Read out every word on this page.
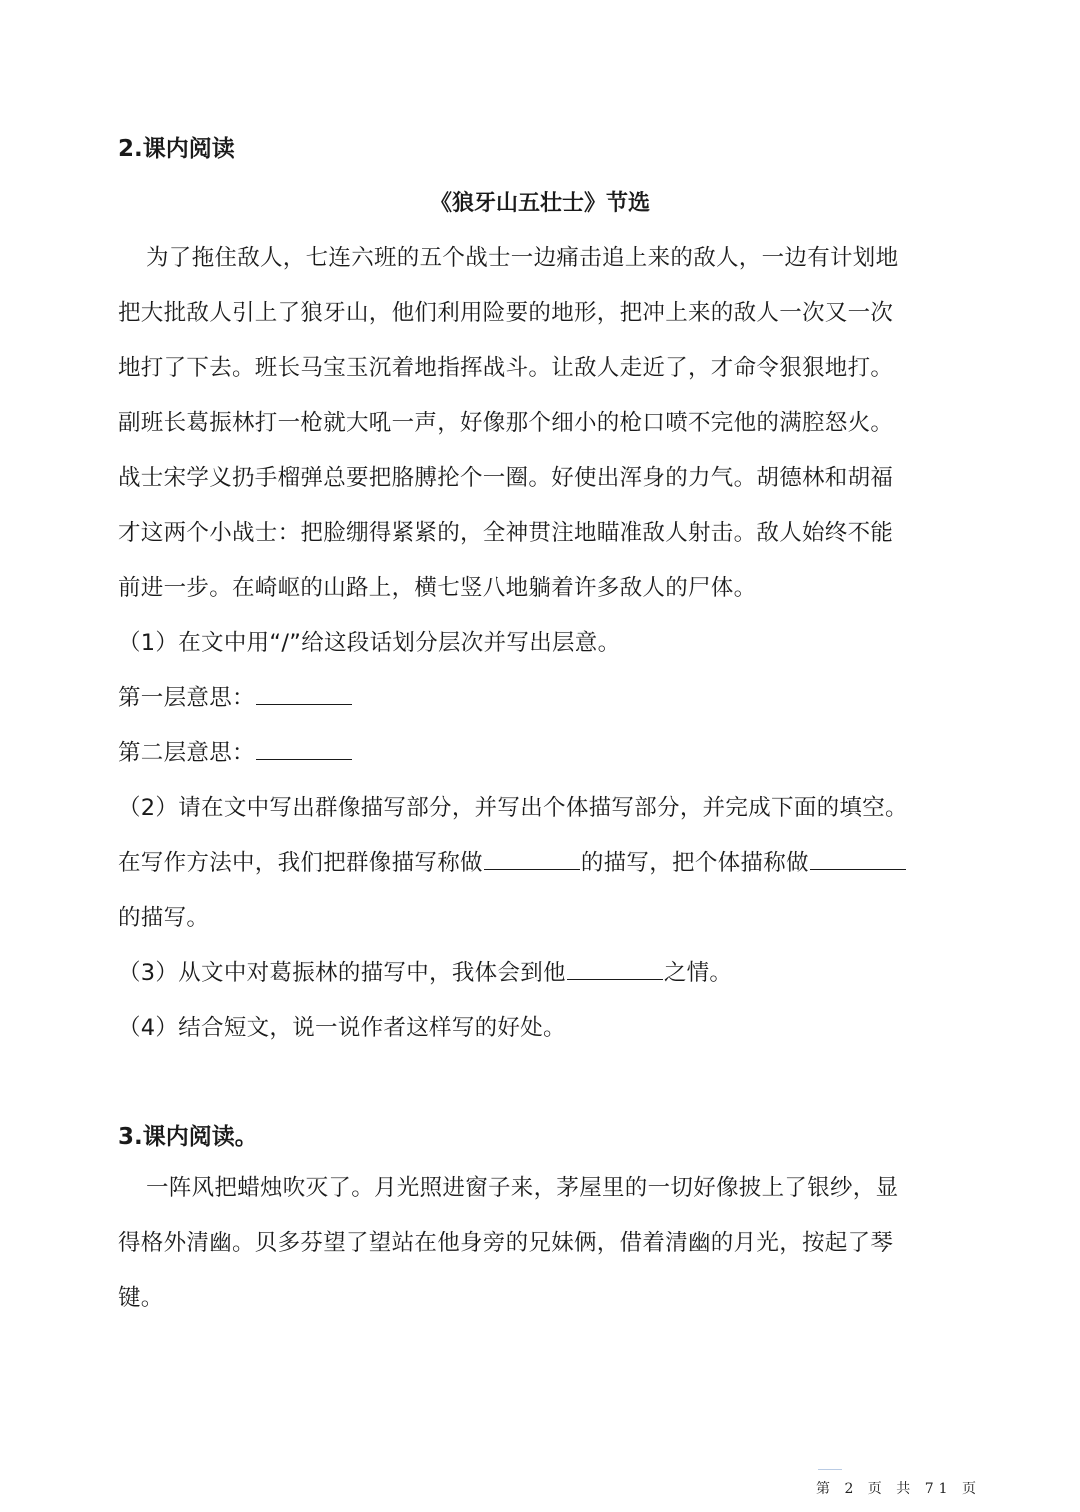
2.课内阅读
《狼牙山五壮士》节选
为了拖住敌人，七连六班的五个战士一边痛击追上来的敌人，一边有计划地
把大批敌人引上了狼牙山，他们利用险要的地形，把冲上来的敌人一次又一次
地打了下去。班长马宝玉沉着地指挥战斗。让敌人走近了，才命令狠狠地打。
副班长葛振林打一枪就大吼一声，好像那个细小的枪口喷不完他的满腔怒火。
战士宋学义扔手榴弹总要把胳膊抡个一圈。好使出浑身的力气。胡德林和胡福
才这两个小战士：把脸绷得紧紧的，全神贯注地瞄准敌人射击。敌人始终不能
前进一步。在崎岖的山路上，横七竖八地躺着许多敌人的尸体。
（1）在文中用“/”给这段话划分层次并写出层意。
第一层意思：
第二层意思：
（2）请在文中写出群像描写部分，并写出个体描写部分，并完成下面的填空。
在写作方法中，我们把群像描写称做	的描写，把个体描称做
的描写。
（3）从文中对葛振林的描写中，我体会到他	之情。
（4）结合短文，说一说作者这样写的好处。
3.课内阅读。
一阵风把蜡烛吹灭了。月光照进窗子来，茅屋里的一切好像披上了银纱，显
得格外清幽。贝多芬望了望站在他身旁的兄妹俩，借着清幽的月光，按起了琴
键。
第 2 页 共 71 页
